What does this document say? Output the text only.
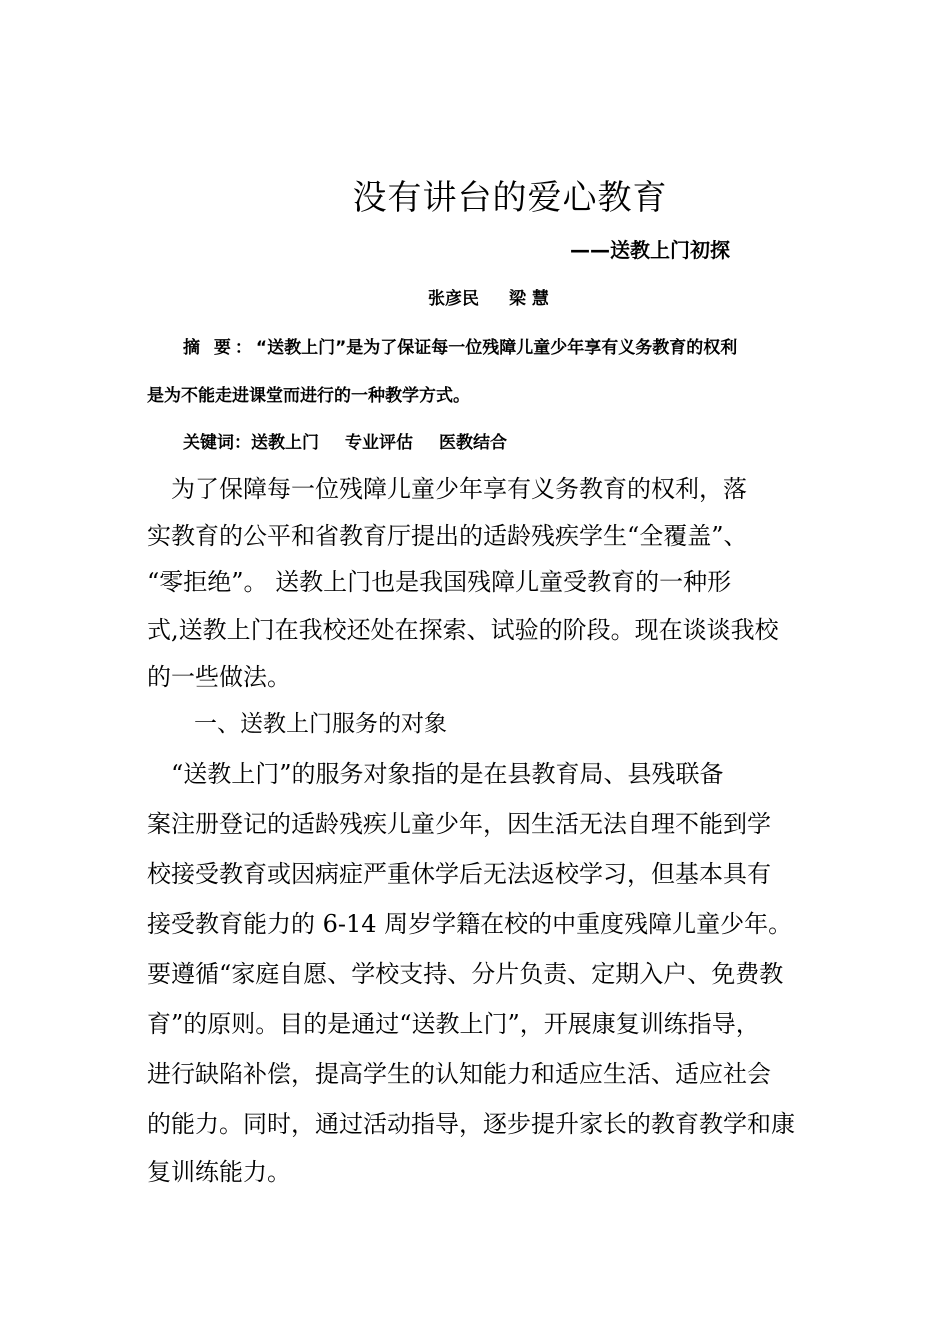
没有讲台的爱心教育
——送教上门初探
张彦民 梁 慧
摘 要：“送教上门”是为了保证每一位残障儿童少年享有义务教育的权利
是为不能走进课堂而进行的一种教学方式。
关键词：送教上门 专业评估 医教结合
　为了保障每一位残障儿童少年享有义务教育的权利，落
实教育的公平和省教育厅提出的适龄残疾学生“全覆盖”、
“零拒绝”。 送教上门也是我国残障儿童受教育的一种形
式,送教上门在我校还处在探索、试验的阶段。现在谈谈我校
的一些做法。
一、送教上门服务的对象
　“送教上门”的服务对象指的是在县教育局、县残联备
案注册登记的适龄残疾儿童少年，因生活无法自理不能到学
校接受教育或因病症严重休学后无法返校学习，但基本具有
接受教育能力的 6-14 周岁学籍在校的中重度残障儿童少年。
要遵循“家庭自愿、学校支持、分片负责、定期入户、免费教
育”的原则。目的是通过“送教上门”，开展康复训练指导，
进行缺陷补偿，提高学生的认知能力和适应生活、适应社会
的能力。同时，通过活动指导，逐步提升家长的教育教学和康
复训练能力。
